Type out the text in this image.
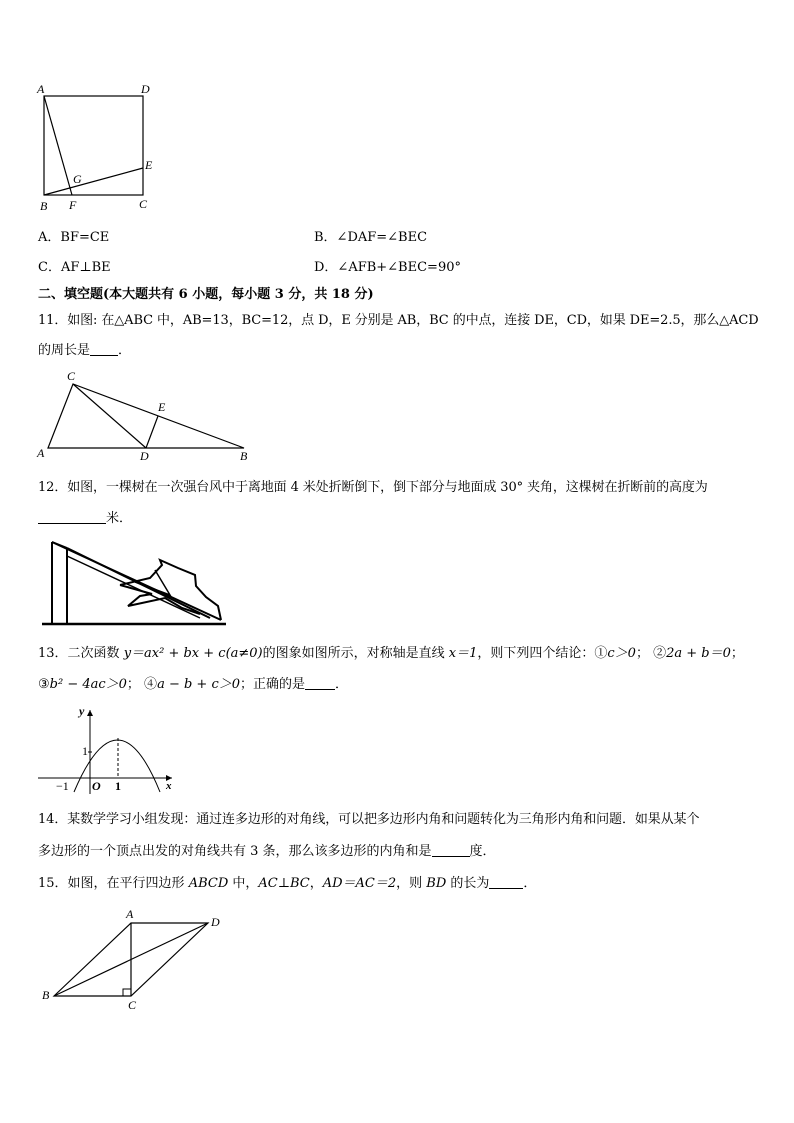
A	D
E
G
B F	C
A．BF=CE	B．∠DAF=∠BEC
C．AF⊥BE	D．∠AFB+∠BEC=90°
二、填空题(本大题共有 6 小题，每小题 3 分，共 18 分)
11．如图: 在△ABC 中，AB=13，BC=12，点 D，E 分别是 AB，BC 的中点，连接 DE，CD，如果 DE=2.5，那么△ACD
的周长是 ．
C
E
A	D	B
12．如图，一棵树在一次强台风中于离地面 4 米处折断倒下，倒下部分与地面成 30° 夹角，这棵树在折断前的高度为
米．
13．二次函数 y＝ax² + bx + c(a≠0)的图象如图所示，对称轴是直线 x＝1，则下列四个结论：①c＞0； ②2a + b＝0；
③b² − 4ac＞0； ④a − b + c＞0；正确的是 ．
y
x
1
−1 O 1
14．某数学学习小组发现：通过连多边形的对角线，可以把多边形内角和问题转化为三角形内角和问题．如果从某个
多边形的一个顶点出发的对角线共有 3 条，那么该多边形的内角和是	度．
15．如图，在平行四边形 ABCD 中，AC⊥BC，AD＝AC＝2，则 BD 的长为	．
A
D
B
C
